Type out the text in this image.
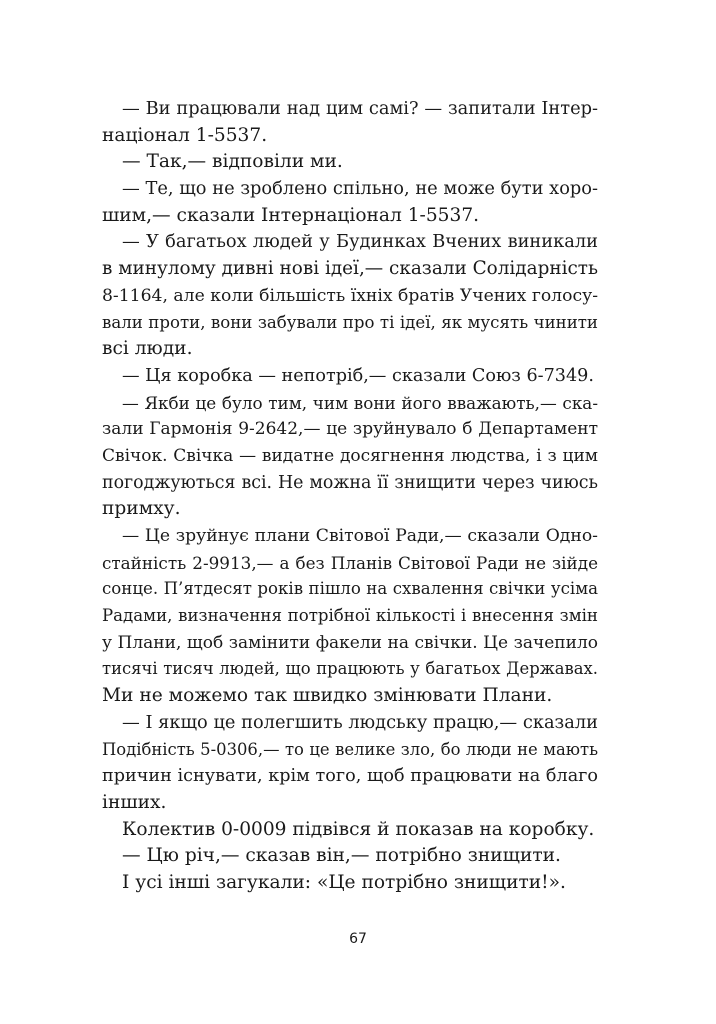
— Ви працювали над цим самі? — запитали Інтер-
націонал 1-5537.
— Так,— відповіли ми.
— Те, що не зроблено спільно, не може бути хоро-
шим,— сказали Інтернаціонал 1-5537.
— У багатьох людей у Будинках Вчених виникали
в минулому дивні нові ідеї,— сказали Солідарність
8-1164, але коли більшість їхніх братів Учених голосу-
вали проти, вони забували про ті ідеї, як мусять чинити
всі люди.
— Ця коробка — непотріб,— сказали Союз 6-7349.
— Якби це було тим, чим вони його вважають,— ска-
зали Гармонія 9-2642,— це зруйнувало б Департамент
Свічок. Свічка — видатне досягнення людства, і з цим
погоджуються всі. Не можна її знищити через чиюсь
примху.
— Це зруйнує плани Світової Ради,— сказали Одно-
стайність 2-9913,— а без Планів Світової Ради не зійде
сонце. П’ятдесят років пішло на схвалення свічки усіма
Радами, визначення потрібної кількості і внесення змін
у Плани, щоб замінити факели на свічки. Це зачепило
тисячі тисяч людей, що працюють у багатьох Державах.
Ми не можемо так швидко змінювати Плани.
— І якщо це полегшить людську працю,— сказали
Подібність 5-0306,— то це велике зло, бо люди не мають
причин існувати, крім того, щоб працювати на благо
інших.
Колектив 0-0009 підвівся й показав на коробку.
— Цю річ,— сказав він,— потрібно знищити.
І усі інші загукали: «Це потрібно знищити!».
67
